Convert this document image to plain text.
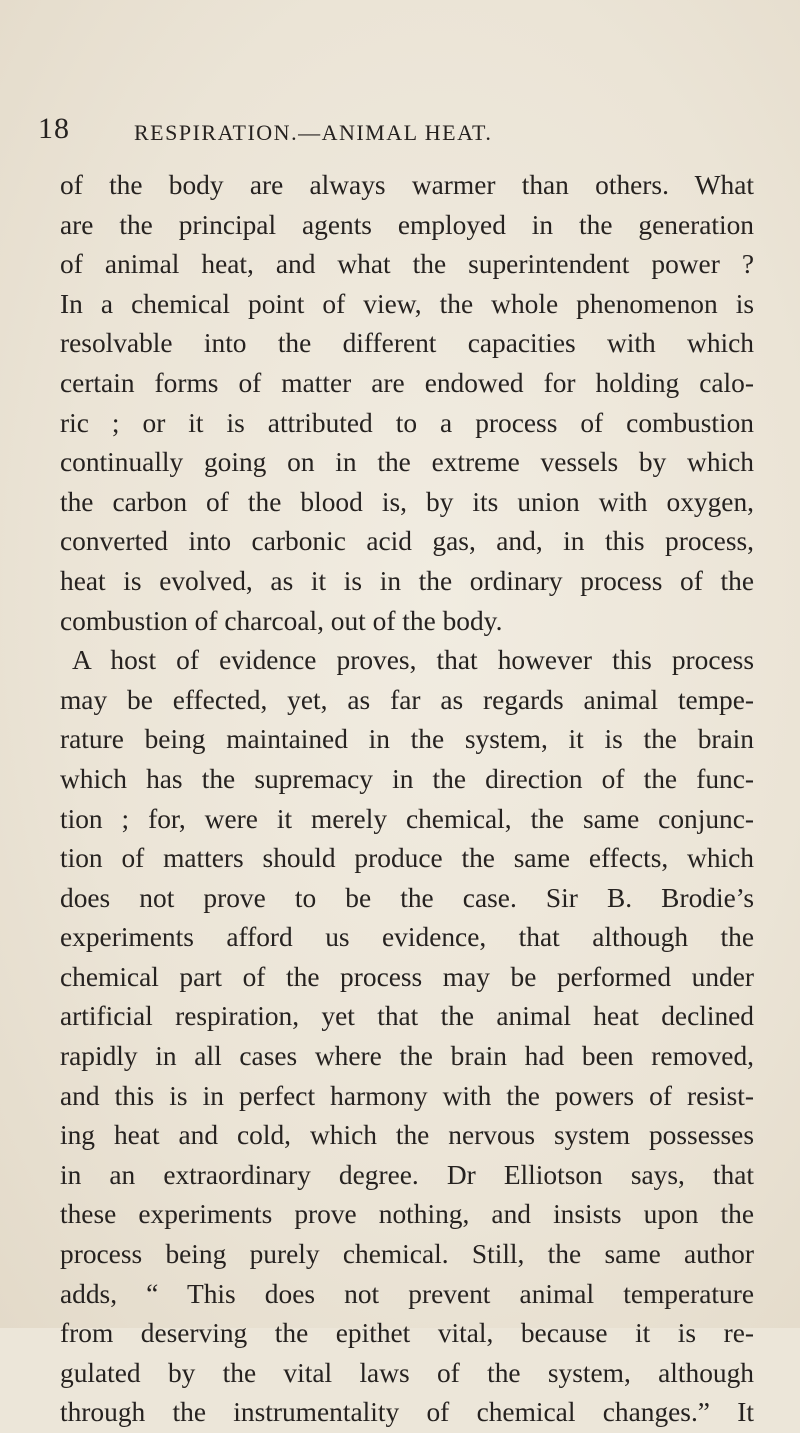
18	RESPIRATION.—ANIMAL HEAT.
of the body are always warmer than others. What
are the principal agents employed in the generation
of animal heat, and what the superintendent power ?
In a chemical point of view, the whole phenomenon is
resolvable into the different capacities with which
certain forms of matter are endowed for holding calo-
ric ; or it is attributed to a process of combustion
continually going on in the extreme vessels by which
the carbon of the blood is, by its union with oxygen,
converted into carbonic acid gas, and, in this process,
heat is evolved, as it is in the ordinary process of the
combustion of charcoal, out of the body.
A host of evidence proves, that however this process
may be effected, yet, as far as regards animal tempe-
rature being maintained in the system, it is the brain
which has the supremacy in the direction of the func-
tion ; for, were it merely chemical, the same conjunc-
tion of matters should produce the same effects, which
does not prove to be the case. Sir B. Brodie’s
experiments afford us evidence, that although the
chemical part of the process may be performed under
artificial respiration, yet that the animal heat declined
rapidly in all cases where the brain had been removed,
and this is in perfect harmony with the powers of resist-
ing heat and cold, which the nervous system possesses
in an extraordinary degree. Dr Elliotson says, that
these experiments prove nothing, and insists upon the
process being purely chemical. Still, the same author
adds, “ This does not prevent animal temperature
from deserving the epithet vital, because it is re-
gulated by the vital laws of the system, although
through the instrumentality of chemical changes.” It
